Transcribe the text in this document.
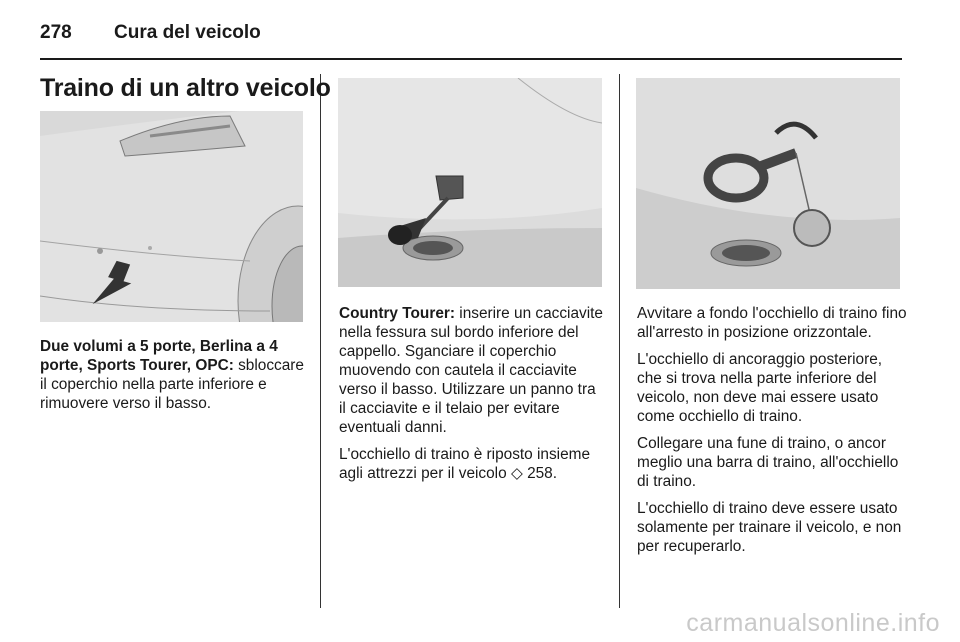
278 Cura del veicolo
Traino di un altro veicolo

Due volumi a 5 porte, Berlina a 4 porte, Sports Tourer, OPC: sbloccare il coperchio nella parte inferiore e rimuovere verso il basso.

Country Tourer: inserire un cacciavite nella fessura sul bordo inferiore del cappello. Sganciare il coperchio muovendo con cautela il cacciavite verso il basso. Utilizzare un panno tra il cacciavite e il telaio per evitare eventuali danni.

L'occhiello di traino è riposto insieme agli attrezzi per il veicolo ◇ 258.

Avvitare a fondo l'occhiello di traino fino all'arresto in posizione orizzontale.

L'occhiello di ancoraggio posteriore, che si trova nella parte inferiore del veicolo, non deve mai essere usato come occhiello di traino.

Collegare una fune di traino, o ancor meglio una barra di traino, all'occhiello di traino.

L'occhiello di traino deve essere usato solamente per trainare il veicolo, e non per recuperarlo.

carmanualsonline.info
